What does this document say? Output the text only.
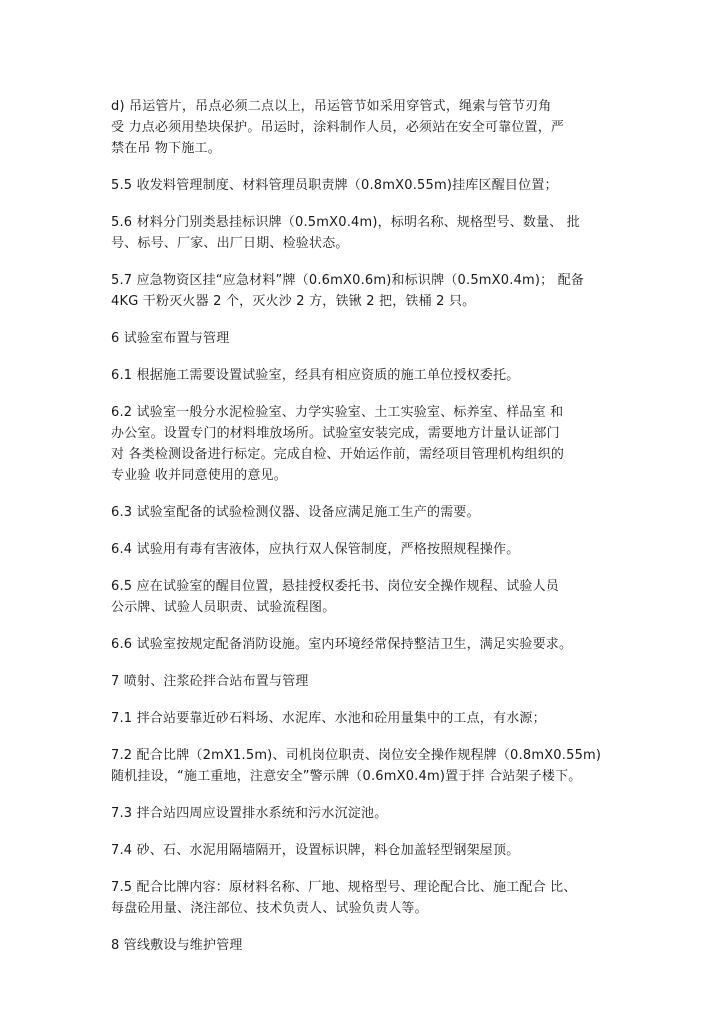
d) 吊运管片，吊点必须二点以上，吊运管节如采用穿管式，绳索与管节刃角
受 力点必须用垫块保护。吊运时，涂料制作人员，必须站在安全可靠位置，严
禁在吊 物下施工。

5.5 收发料管理制度、材料管理员职责牌（0.8mX0.55m)挂库区醒目位置；

5.6 材料分门别类悬挂标识牌（0.5mX0.4m)，标明名称、规格型号、数量、 批
号、标号、厂家、出厂日期、检验状态。

5.7 应急物资区挂“应急材料”牌（0.6mX0.6m)和标识牌（0.5mX0.4m)； 配备
4KG 干粉灭火器 2 个，灭火沙 2 方，铁锹 2 把，铁桶 2 只。

6 试验室布置与管理

6.1 根据施工需要设置试验室，经具有相应资质的施工单位授权委托。

6.2 试验室一般分水泥检验室、力学实验室、土工实验室、标养室、样品室 和
办公室。设置专门的材料堆放场所。试验室安装完成，需要地方计量认证部门
对 各类检测设备进行标定。完成自检、开始运作前，需经项目管理机构组织的
专业验 收并同意使用的意见。

6.3 试验室配备的试验检测仪器、设备应满足施工生产的需要。

6.4 试验用有毒有害液体，应执行双人保管制度，严格按照规程操作。

6.5 应在试验室的醒目位置，悬挂授权委托书、岗位安全操作规程、试验人员
公示牌、试验人员职责、试验流程图。

6.6 试验室按规定配备消防设施。室内环境经常保持整洁卫生，满足实验要求。

7 喷射、注浆砼拌合站布置与管理

7.1 拌合站要靠近砂石料场、水泥库、水池和砼用量集中的工点，有水源；

7.2 配合比牌（2mX1.5m)、司机岗位职责、岗位安全操作规程牌（0.8mX0.55m)
随机挂设，“施工重地，注意安全”警示牌（0.6mX0.4m)置于拌 合站架子楼下。

7.3 拌合站四周应设置排水系统和污水沉淀池。

7.4 砂、石、水泥用隔墙隔开，设置标识牌，料仓加盖轻型钢架屋顶。

7.5 配合比牌内容：原材料名称、厂地、规格型号、理论配合比、施工配合 比、
每盘砼用量、浇注部位、技术负责人、试验负责人等。

8 管线敷设与维护管理
